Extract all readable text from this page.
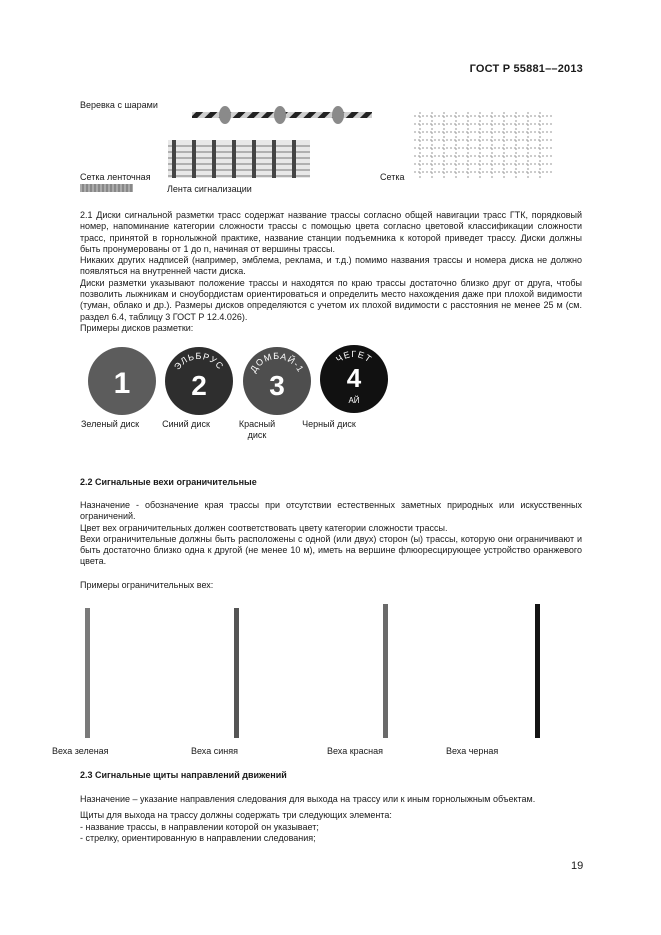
ГОСТ Р 55881––2013
Веревка с шарами
Сетка ленточная	Сетка
Лента сигнализации
2.1 Диски сигнальной разметки трасс содержат название трассы согласно общей навигации трасс ГТК, порядковый номер, напоминание категории сложности трассы с помощью цвета согласно цветовой классификации сложности трасс, принятой в горнолыжной практике, название станции подъемника к которой приведет трассу. Диски должны быть пронумерованы от 1 до n, начиная от вершины трассы.
Никаких других надписей (например, эмблема, реклама, и т.д.) помимо названия трассы и номера диска не должно появляться на внутренней части диска.
Диски разметки указывают положение трассы и находятся по краю трассы достаточно близко друг от друга, чтобы позволить лыжникам и сноубордистам ориентироваться и определить место нахождения даже при плохой видимости (туман, облако и др.). Размеры дисков определяются с учетом их плохой видимости с расстояния не менее 25 м (см. раздел 6.4, таблицу 3 ГОСТ Р 12.4.026).
Примеры дисков разметки:
1
ЭЛЬБРУС
2
ДОМБАЙ-1
3
ЧЕГЕТ
4
АЙ
Зеленый диск	Синий диск	Красный диск
Черный диск
2.2 Сигнальные вехи ограничительные
Назначение - обозначение края трассы при отсутствии естественных заметных природных или искусственных ограничений.
Цвет вех ограничительных должен соответствовать цвету категории сложности трассы.
Вехи ограничительные должны быть расположены с одной (или двух) сторон (ы) трассы, которую они ограничивают и быть достаточно близко одна к другой (не менее 10 м), иметь на вершине флюоресцирующее устройство оранжевого цвета.
Примеры ограничительных вех:
Веха зеленая	Веха синяя	Веха красная	Веха черная
2.3 Сигнальные щиты направлений движений
Назначение – указание направления следования для выхода на трассу или к иным горнолыжным объектам.
Щиты для выхода на трассу должны содержать три следующих элемента:
- название трассы, в направлении которой он указывает;
- стрелку, ориентированную в направлении следования;
19
